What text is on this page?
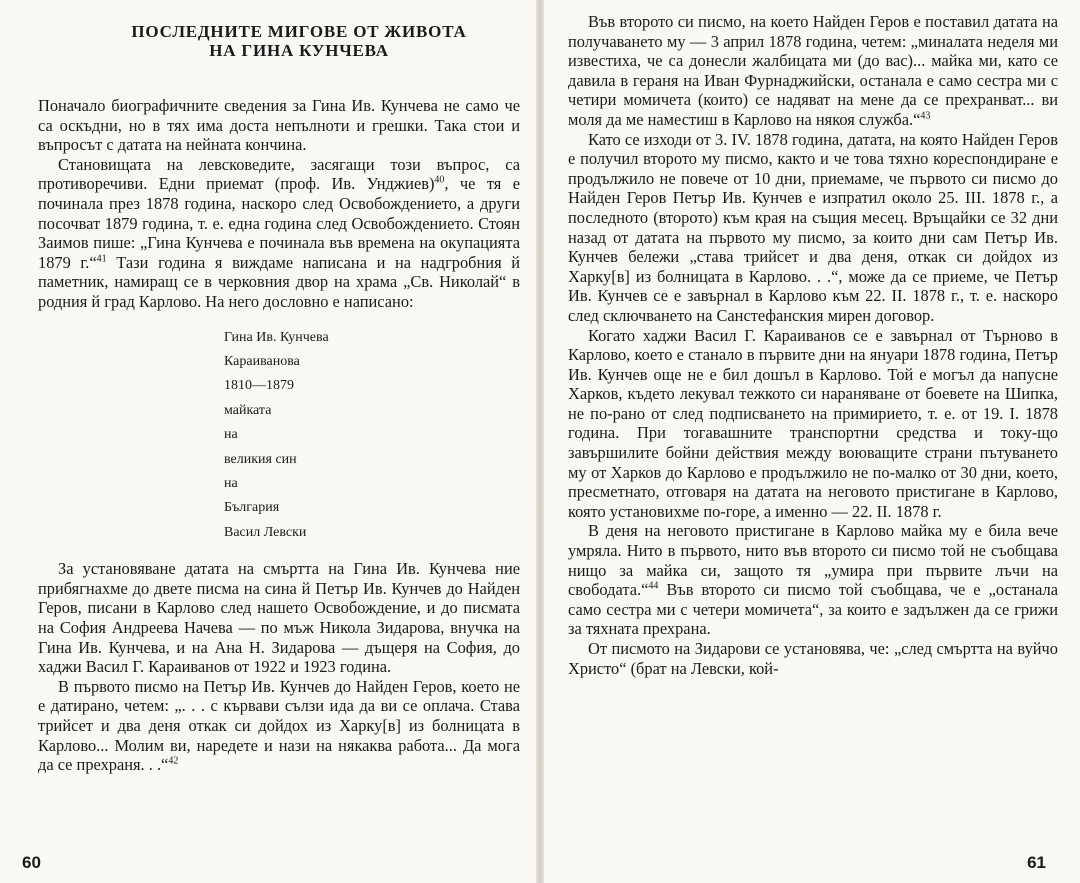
ПОСЛЕДНИТЕ МИГОВЕ ОТ ЖИВОТА
НА ГИНА КУНЧЕВА

Поначало биографичните сведения за Гина Ив. Кунчева не само че са оскъдни, но в тях има доста непълноти и грешки. Така стои и въпросът с датата на нейната кончина.

Становищата на левсковедите, засягащи този въпрос, са противоречиви. Едни приемат (проф. Ив. Унджиев)$^{40}$, че тя е починала през 1878 година, наскоро след Освобождението, а други посочват 1879 година, т. е. една година след Освобождението. Стоян Заимов пише: „Гина Кунчева е починала във времена на окупацията 1879 г.“$^{41}$ Тази година я виждаме написана и на надгробния й паметник, намиращ се в черковния двор на храма „Св. Николай“ в родния й град Карлово. На него дословно е написано:

Гина Ив. Кунчева
Караиванова
1810—1879
майката
на
великия син
на
България
Васил Левски

За установяване датата на смъртта на Гина Ив. Кунчева ние прибягнахме до двете писма на сина й Петър Ив. Кунчев до Найден Геров, писани в Карлово след нашето Освобождение, и до писмата на София Андреева Начева — по мъж Никола Зидарова, внучка на Гина Ив. Кунчева, и на Ана Н. Зидарова — дъщеря на София, до хаджи Васил Г. Караиванов от 1922 и 1923 година.

В първото писмо на Петър Ив. Кунчев до Найден Геров, което не е датирано, четем: „. . . с кървави сълзи ида да ви се оплача. Става трийсет и два деня откак си дойдох из Харку[в] из болницата в Карлово... Молим ви, наредете и нази на някаква работа... Да мога да се прехраня. . .“$^{42}$

60

Във второто си писмо, на което Найден Геров е поставил датата на получаването му — 3 април 1878 година, четем: „миналата неделя ми известиха, че са донесли жалбицата ми (до вас)... майка ми, като се давила в гераня на Иван Фурнаджийски, останала е само сестра ми с четири момичета (които) се надяват на мене да се прехранват... ви моля да ме наместиш в Карлово на някоя служба.“$^{43}$

Като се изходи от 3. IV. 1878 година, датата, на която Найден Геров е получил второто му писмо, както и че това тяхно кореспондиране е продължило не повече от 10 дни, приемаме, че първото си писмо до Найден Геров Петър Ив. Кунчев е изпратил около 25. III. 1878 г., а последното (второто) към края на същия месец. Връщайки се 32 дни назад от датата на първото му писмо, за които дни сам Петър Ив. Кунчев бележи „става трийсет и два деня, откак си дойдох из Харку[в] из болницата в Карлово. . .“, може да се приеме, че Петър Ив. Кунчев се е завърнал в Карлово към 22. II. 1878 г., т. е. наскоро след сключването на Санстефанския мирен договор.

Когато хаджи Васил Г. Караиванов се е завърнал от Търново в Карлово, което е станало в първите дни на януари 1878 година, Петър Ив. Кунчев още не е бил дошъл в Карлово. Той е могъл да напусне Харков, където лекувал тежкото си нараняване от боевете на Шипка, не по-рано от след подписването на примирието, т. е. от 19. I. 1878 година. При тогавашните транспортни средства и току-що завършилите бойни действия между воюващите страни пътуването му от Харков до Карлово е продължило не по-малко от 30 дни, което, пресметнато, отговаря на датата на неговото пристигане в Карлово, която установихме по-горе, а именно — 22. II. 1878 г.

В деня на неговото пристигане в Карлово майка му е била вече умряла. Нито в първото, нито във второто си писмо той не съобщава нищо за майка си, защото тя „умира при първите лъчи на свободата.“$^{44}$ Във второто си писмо той съобщава, че е „останала само сестра ми с четери момичета“, за които е задължен да се грижи за тяхната прехрана.

От писмото на Зидарови се установява, че: „след смъртта на вуйчо Христо“ (брат на Левски, кой-

61
